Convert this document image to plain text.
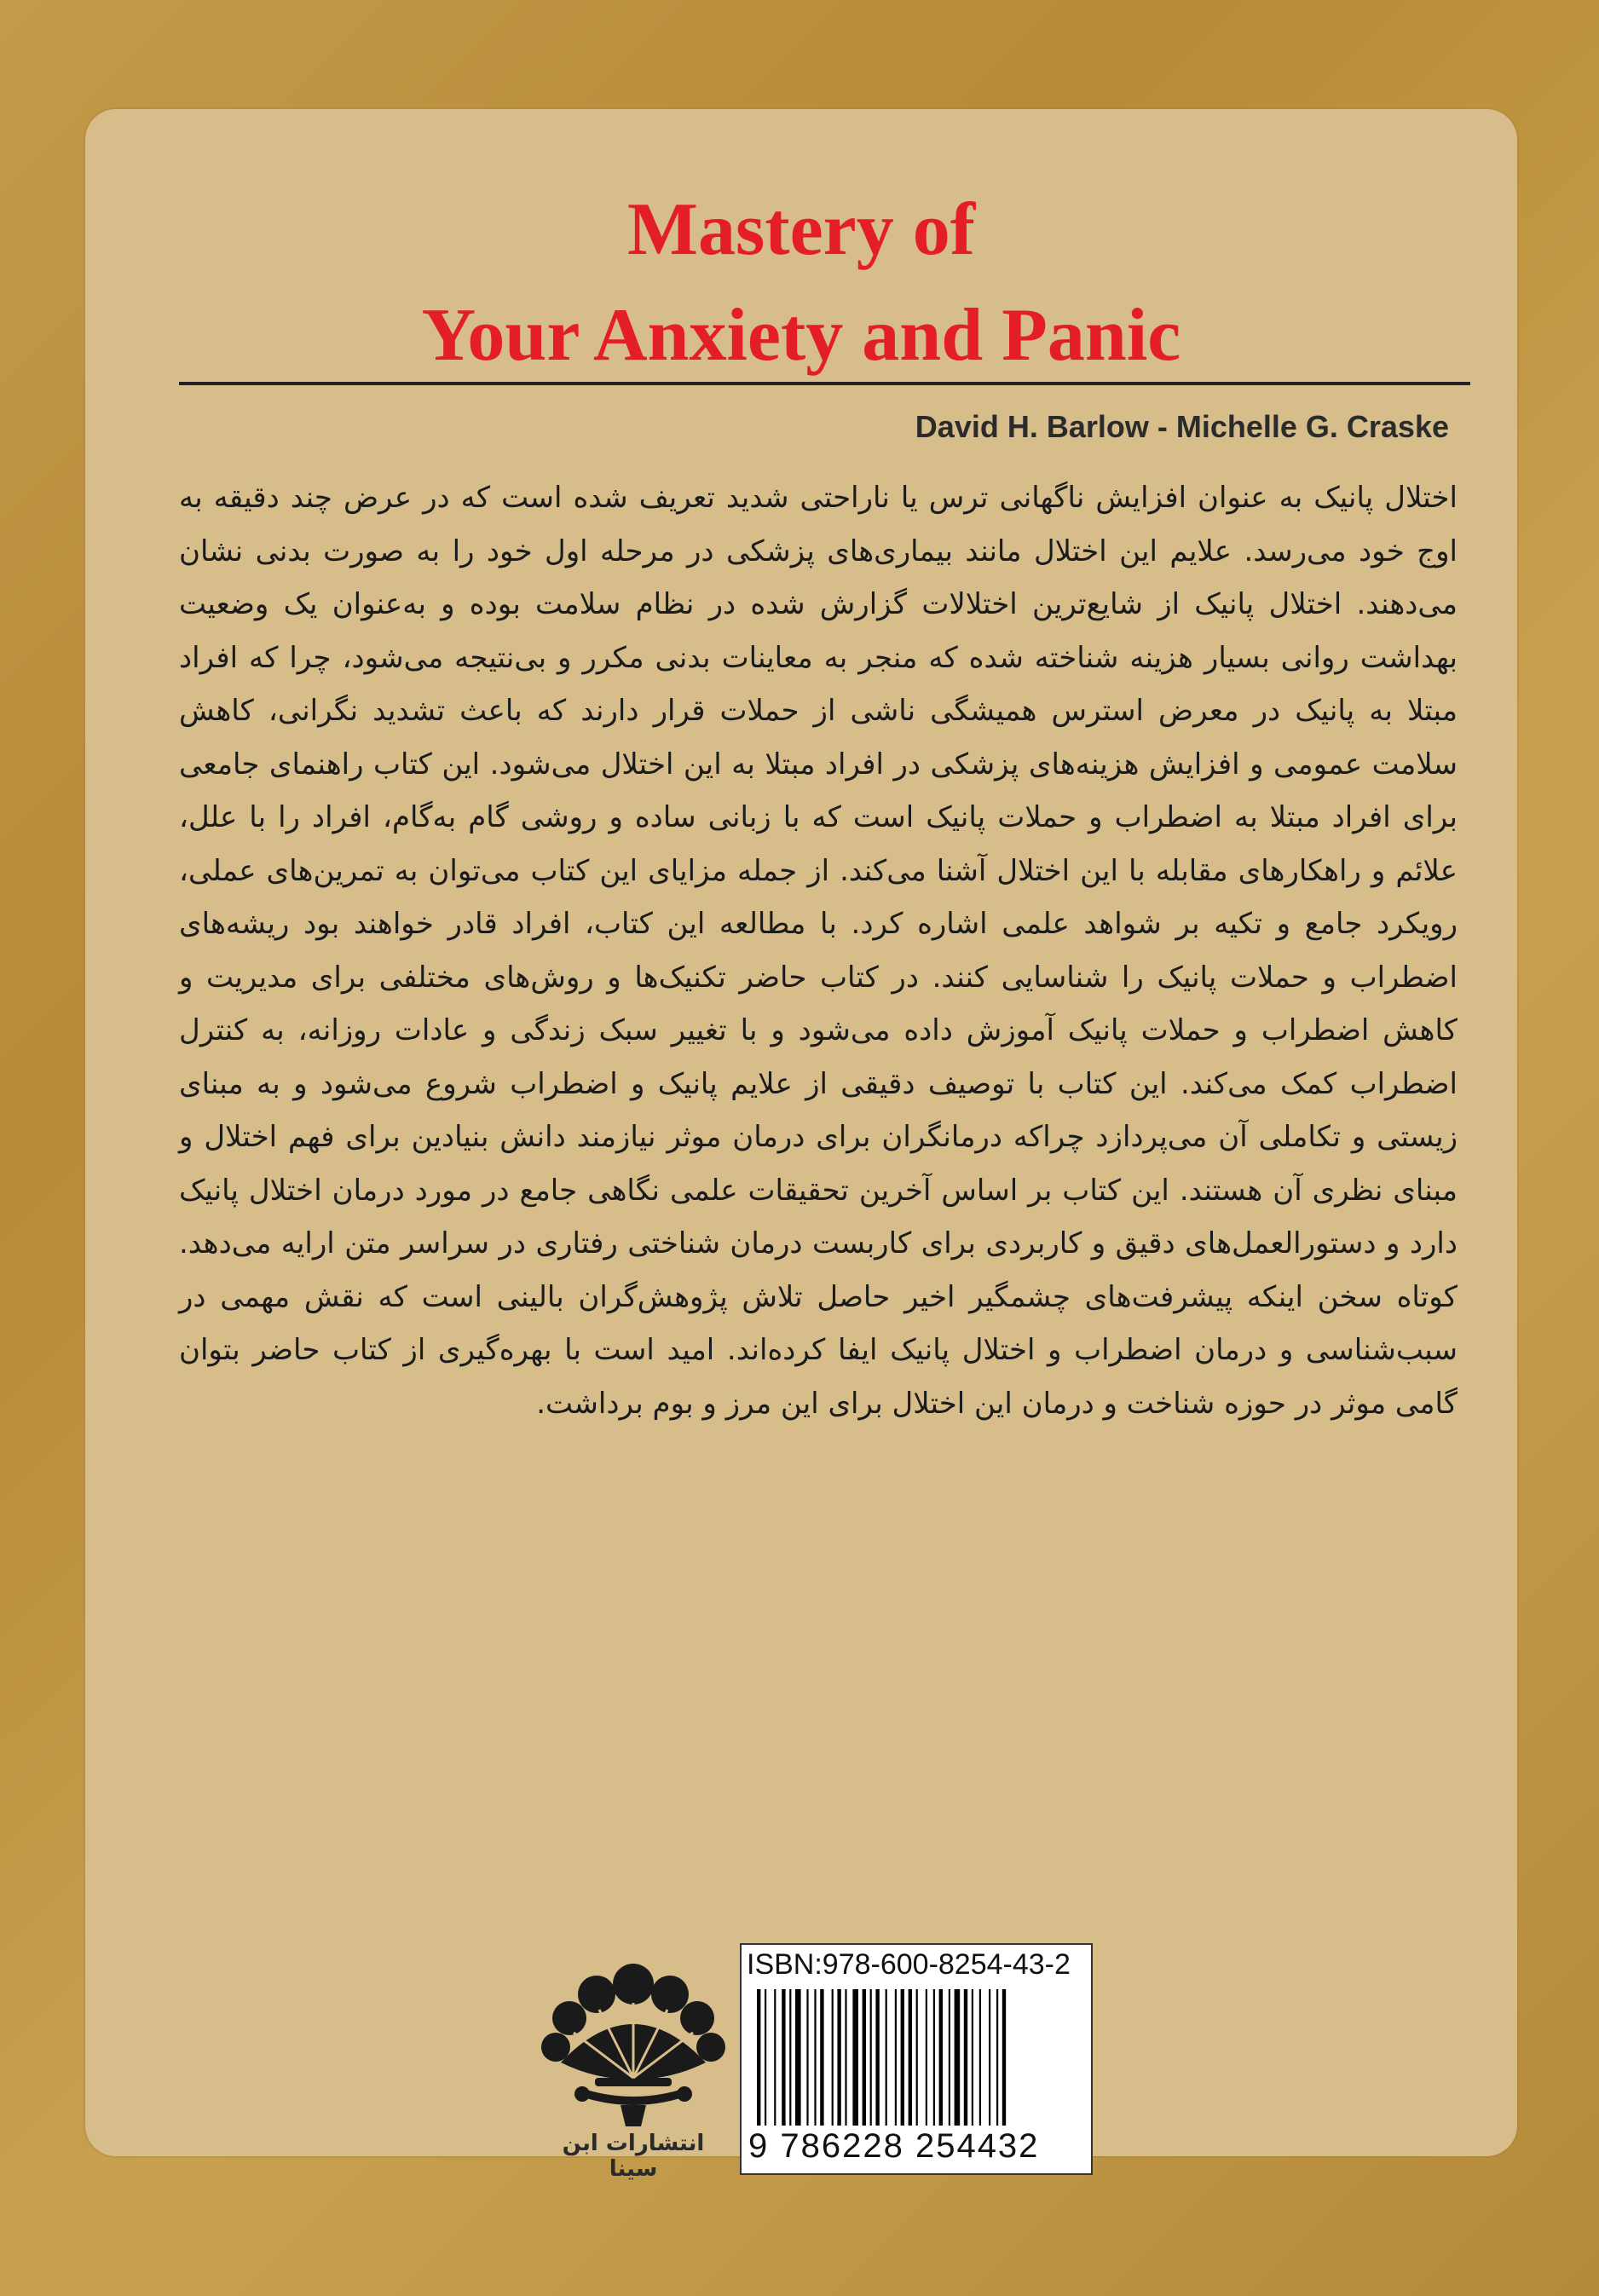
Mastery of
Your Anxiety and Panic
David H. Barlow - Michelle G. Craske
اختلال پانیک به عنوان افزایش ناگهانی ترس یا ناراحتی شدید تعریف شده است که در عرض چند دقیقه به اوج خود می‌رسد. علایم این اختلال مانند بیماری‌های پزشکی در مرحله اول خود را به صورت بدنی نشان می‌دهند. اختلال پانیک از شایع‌ترین اختلالات گزارش شده در نظام سلامت بوده و به‌عنوان یک وضعیت بهداشت روانی بسیار هزینه شناخته شده که منجر به معاینات بدنی مکرر و بی‌نتیجه می‌شود، چرا که افراد مبتلا به پانیک در معرض استرس همیشگی ناشی از حملات قرار دارند که باعث تشدید نگرانی، کاهش سلامت عمومی و افزایش هزینه‌های پزشکی در افراد مبتلا به این اختلال می‌شود. این کتاب راهنمای جامعی برای افراد مبتلا به اضطراب و حملات پانیک است که با زبانی ساده و روشی گام به‌گام، افراد را با علل، علائم و راهکارهای مقابله با این اختلال آشنا می‌کند. از جمله مزایای این کتاب می‌توان به تمرین‌های عملی، رویکرد جامع و تکیه بر شواهد علمی اشاره کرد. با مطالعه این کتاب، افراد قادر خواهند بود ریشه‌های اضطراب و حملات پانیک را شناسایی کنند. در کتاب حاضر تکنیک‌ها و روش‌های مختلفی برای مدیریت و کاهش اضطراب و حملات پانیک آموزش داده می‌شود و با تغییر سبک زندگی و عادات روزانه، به کنترل اضطراب کمک می‌کند. این کتاب با توصیف دقیقی از علایم پانیک و اضطراب شروع می‌شود و به مبنای زیستی و تکاملی آن می‌پردازد چراکه درمانگران برای درمان موثر نیازمند دانش بنیادین برای فهم اختلال و مبنای نظری آن هستند. این کتاب بر اساس آخرین تحقیقات علمی نگاهی جامع در مورد درمان اختلال پانیک دارد و دستورالعمل‌های دقیق و کاربردی برای کاربست درمان شناختی رفتاری در سراسر متن ارایه می‌دهد. کوتاه سخن اینکه پیشرفت‌های چشمگیر اخیر حاصل تلاش پژوهش‌گران بالینی است که نقش مهمی در سبب‌شناسی و درمان اضطراب و اختلال پانیک ایفا کرده‌اند. امید است با بهره‌گیری از کتاب حاضر بتوان گامی موثر در حوزه شناخت و درمان این اختلال برای این مرز و بوم برداشت.
انتشارات ابن سینا
ISBN:978-600-8254-43-2
9 786228 254432
